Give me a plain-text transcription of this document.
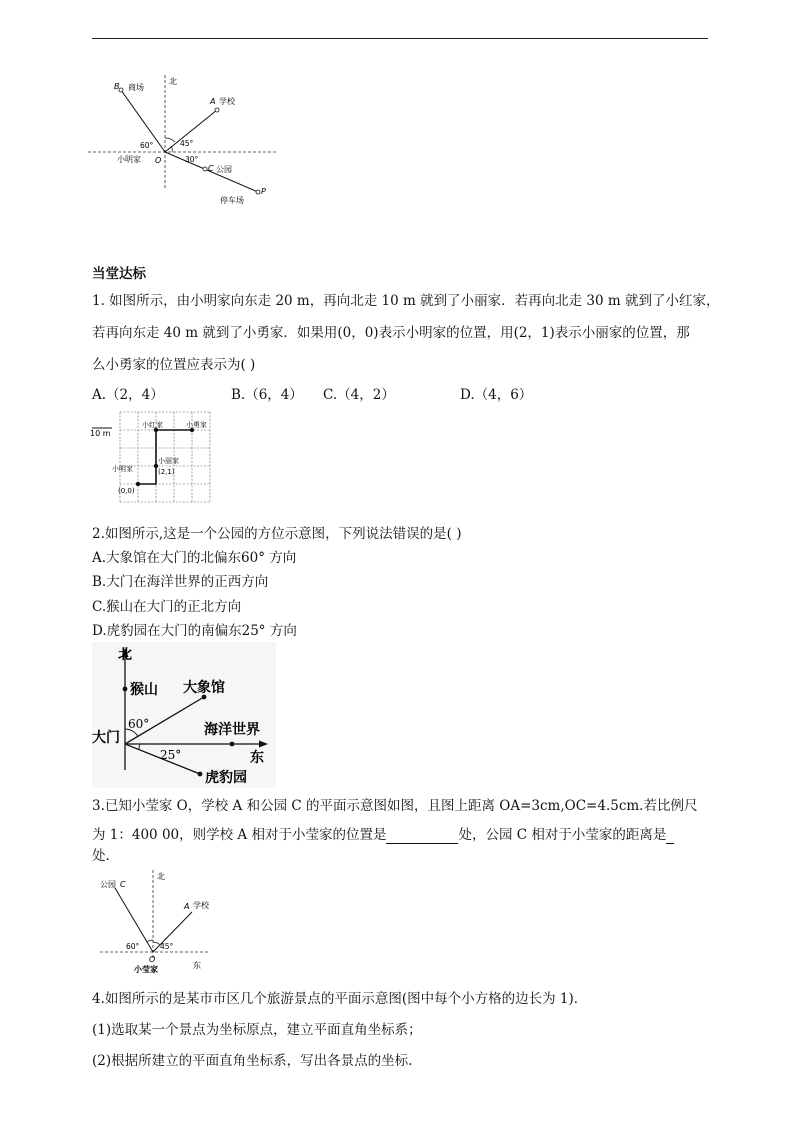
北
B 商场
A 学校
45°
60°
30°
O
小明家
C 公园
P
停车场
当堂达标
1. 如图所示，由小明家向东走 20 m，再向北走 10 m 就到了小丽家．若再向北走 30 m 就到了小红家，
若再向东走 40 m 就到了小勇家．如果用(0，0)表示小明家的位置，用(2，1)表示小丽家的位置，那
么小勇家的位置应表示为( )
A.（2，4）	B.（6，4） C.（4，2）	D.（4，6）
10 m
小红家	小勇家
小丽家
(2,1)
小明家
(0,0)
2.如图所示,这是一个公园的方位示意图，下列说法错误的是( )
A.大象馆在大门的北偏东60° 方向
B.大门在海洋世界的正西方向
C.猴山在大门的正北方向
D.虎豹园在大门的南偏东25° 方向
北
猴山 大象馆
60°
大门	海洋世界
东
25°
虎豹园
3.已知小莹家 O，学校 A 和公园 C 的平面示意图如图，且图上距离 OA=3cm,OC=4.5cm.若比例尺
为 1：400 00，则学校 A 相对于小莹家的位置是	处，公园 C 相对于小莹家的距离是
处.
北
公园 C
A 学校
60°	45°
O
小莹家	东
4.如图所示的是某市市区几个旅游景点的平面示意图(图中每个小方格的边长为 1)．
(1)选取某一个景点为坐标原点，建立平面直角坐标系；
(2)根据所建立的平面直角坐标系，写出各景点的坐标.
